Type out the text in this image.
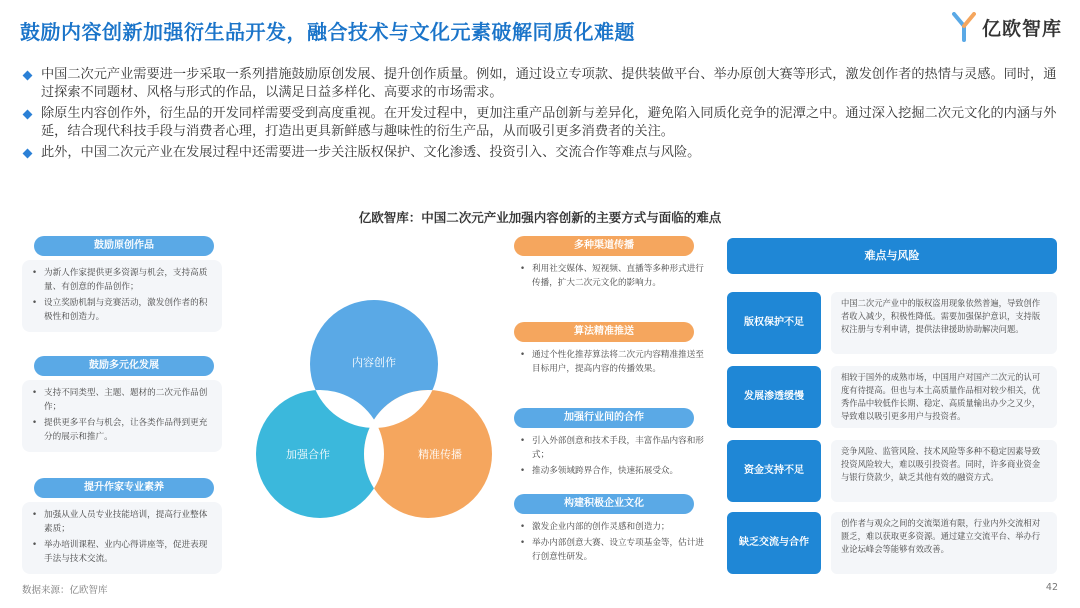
鼓励内容创新加强衍生品开发，融合技术与文化元素破解同质化难题	亿欧智库
中国二次元产业需要进一步采取一系列措施鼓励原创发展、提升创作质量。例如，通过设立专项款、提供装做平台、举办原创大赛等形式，激发创作者的热情与灵感。同时，通过探索不同题材、风格与形式的作品，以满足日益多样化、高要求的市场需求。
除原生内容创作外，衍生品的开发同样需要受到高度重视。在开发过程中，更加注重产品创新与差异化，避免陷入同质化竞争的泥潭之中。通过深入挖掘二次元文化的内涵与外延，结合现代科技手段与消费者心理，打造出更具新鲜感与趣味性的衍生产品，从而吸引更多消费者的关注。
此外，中国二次元产业在发展过程中还需要进一步关注版权保护、文化渗透、投资引入、交流合作等难点与风险。
亿欧智库：中国二次元产业加强内容创新的主要方式与面临的难点
鼓励原创作品
• 为新人作家提供更多资源与机会，支持高质量、有创意的作品创作；
• 设立奖励机制与竞赛活动，激发创作者的积极性和创造力。
鼓励多元化发展
• 支持不同类型、主题、题材的二次元作品创作；
• 提供更多平台与机会，让各类作品得到更充分的展示和推广。
提升作家专业素养
• 加强从业人员专业技能培训，提高行业整体素质；
• 举办培训课程、业内心得讲座等，促进表现手法与技术交流。
内容创作
加强合作	精准传播
多种渠道传播
• 利用社交媒体、短视频、直播等多种形式进行传播，扩大二次元文化的影响力。
算法精准推送
• 通过个性化推荐算法将二次元内容精准推送至目标用户，提高内容的传播效果。
加强行业间的合作
• 引入外部创意和技术手段，丰富作品内容和形式；
• 推动多领域跨界合作，快速拓展受众。
构建积极企业文化
• 激发企业内部的创作灵感和创造力；
• 举办内部创意大赛、设立专项基金等，估计进行创意性研发。
难点与风险
版权保护不足
中国二次元产业中的版权盗用现象依然普遍，导致创作者收入减少，积极性降低。需要加强保护意识，支持版权注册与专利申请，提供法律援助协助解决问题。
发展渗透缓慢
相较于国外的成熟市场，中国用户对国产二次元的认可度有待提高。但也与本土高质量作品相对较少相关，优秀作品中较低作长期、稳定、高质量输出办少之又少，导致难以吸引更多用户与投资者。
资金支持不足
竞争风险、监管风险、技术风险等多种不稳定因素导致投资风险较大，难以吸引投资者。同时，许多商业资金与银行贷款少，缺乏其他有效的融资方式。
缺乏交流与合作
创作者与观众之间的交流渠道有限，行业内外交流相对匮乏，难以获取更多资源。通过建立交流平台、举办行业论坛峰会等能够有效改善。
数据来源：亿欧智库	42
